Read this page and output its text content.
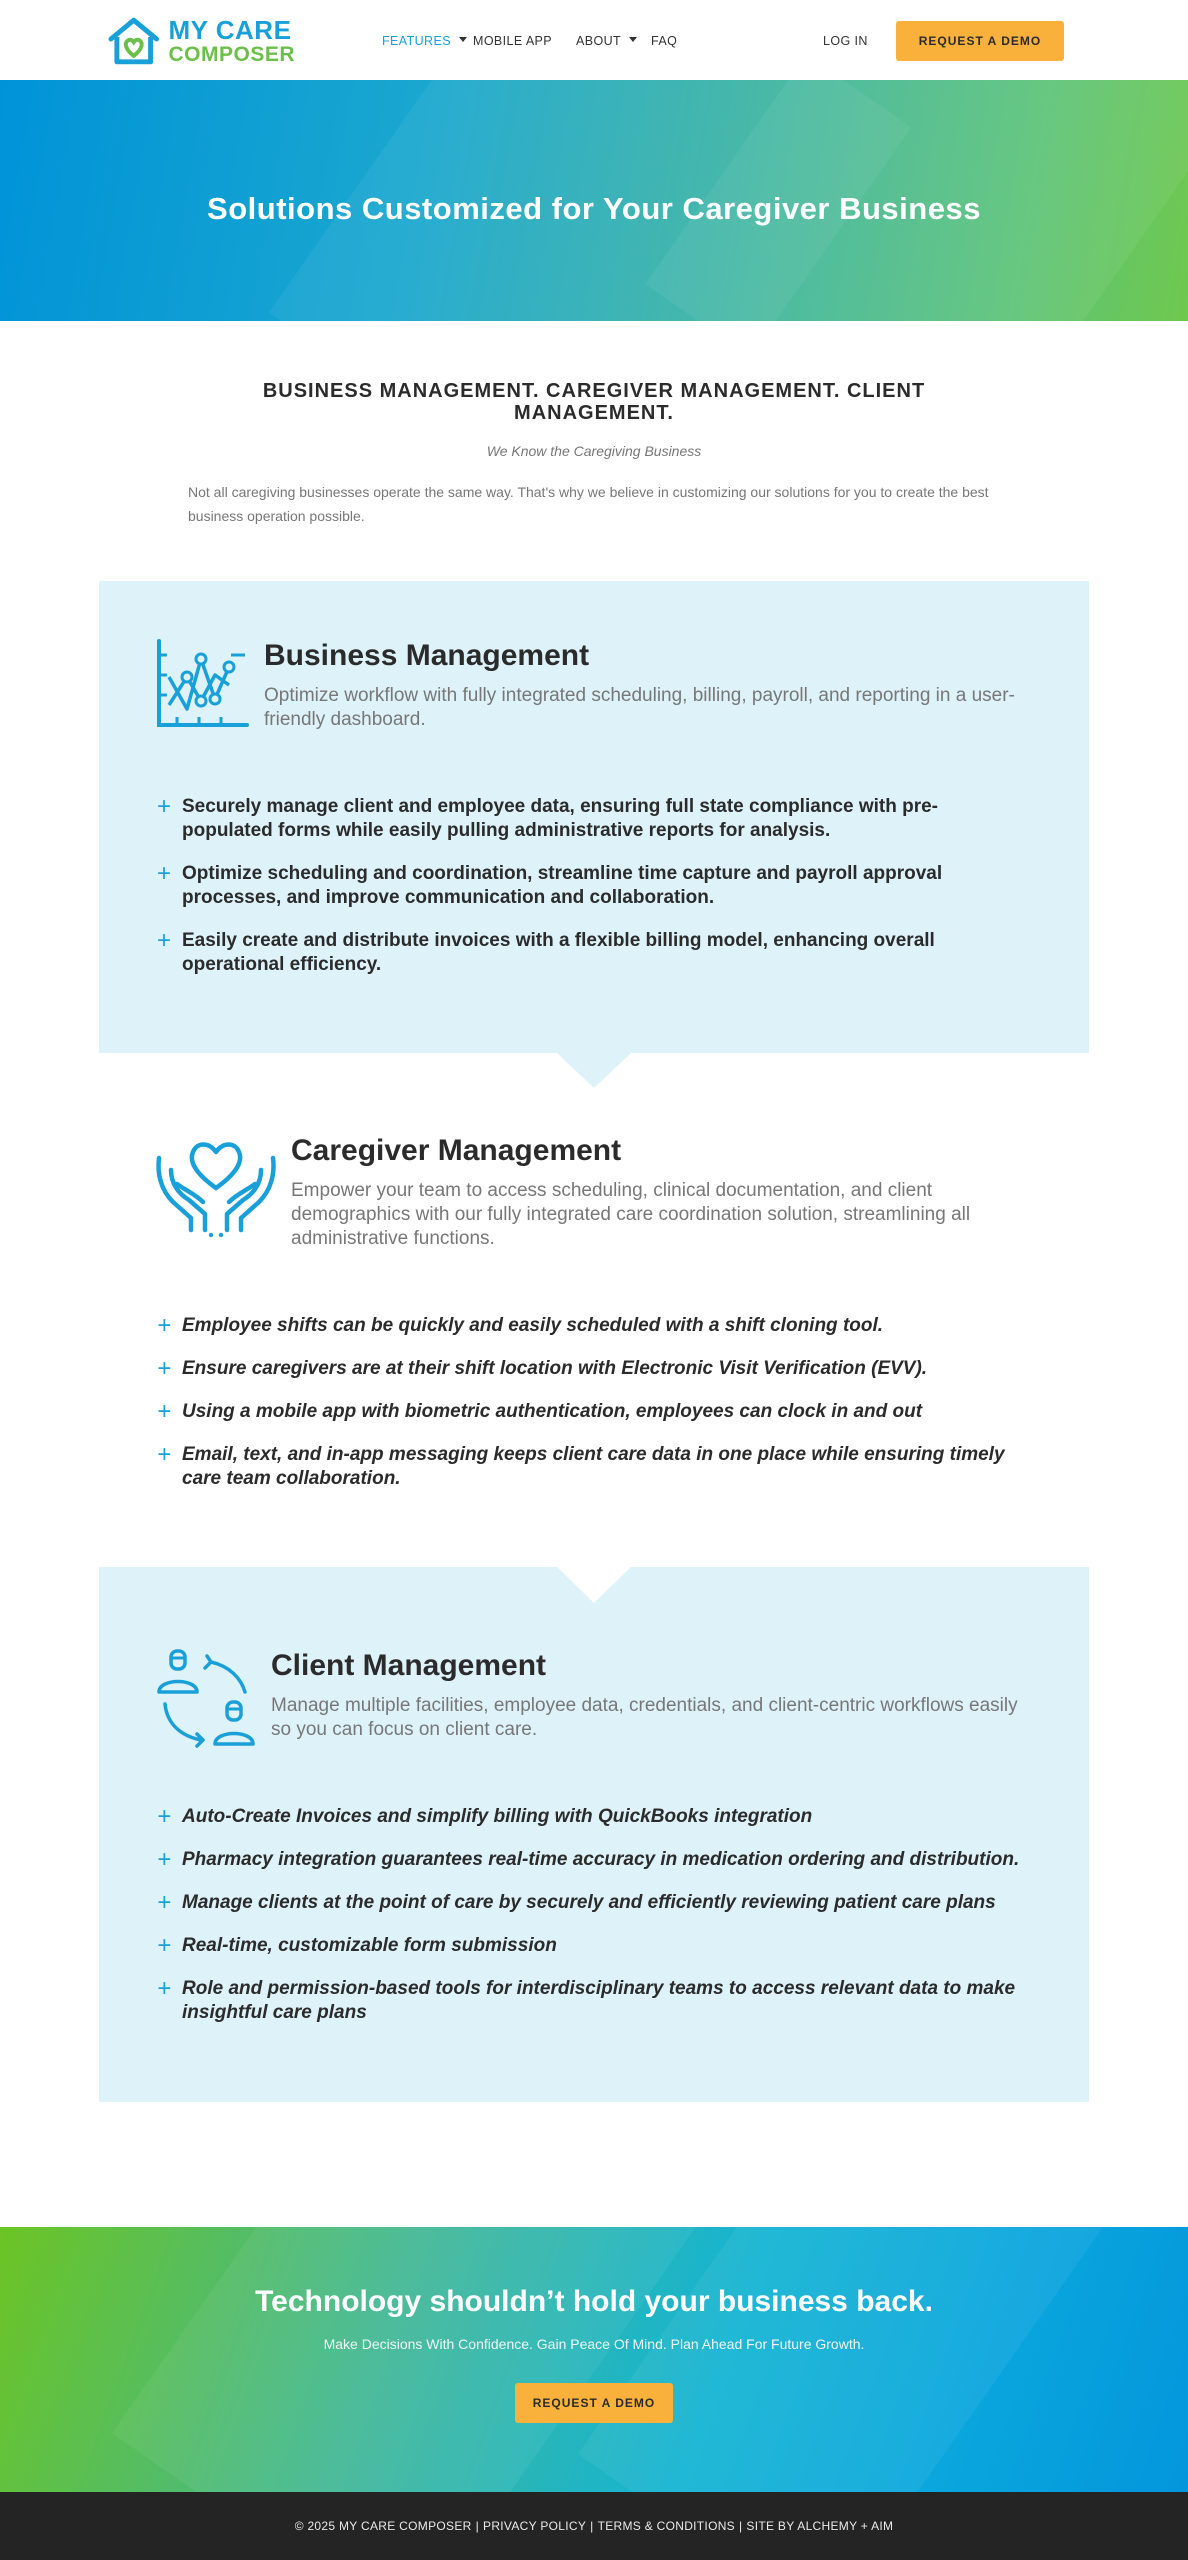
MY CARE
COMPOSER
FEATURES	MOBILE APP ABOUT	FAQ	LOG IN	REQUEST A DEMO
Solutions Customized for Your Caregiver Business
BUSINESS MANAGEMENT. CAREGIVER MANAGEMENT. CLIENT MANAGEMENT.
We Know the Caregiving Business
Not all caregiving businesses operate the same way. That's why we believe in customizing our solutions for you to create the best business operation possible.
Business Management
Optimize workflow with fully integrated scheduling, billing, payroll, and reporting in a user-friendly dashboard.
+ Securely manage client and employee data, ensuring full state compliance with pre-populated forms while easily pulling administrative reports for analysis.
+ Optimize scheduling and coordination, streamline time capture and payroll approval processes, and improve communication and collaboration.
+ Easily create and distribute invoices with a flexible billing model, enhancing overall operational efficiency.
Caregiver Management
Empower your team to access scheduling, clinical documentation, and client demographics with our fully integrated care coordination solution, streamlining all administrative functions.
+ Employee shifts can be quickly and easily scheduled with a shift cloning tool.
+ Ensure caregivers are at their shift location with Electronic Visit Verification (EVV).
+ Using a mobile app with biometric authentication, employees can clock in and out
+ Email, text, and in-app messaging keeps client care data in one place while ensuring timely care team collaboration.
Client Management
Manage multiple facilities, employee data, credentials, and client-centric workflows easily so you can focus on client care.
+ Auto-Create Invoices and simplify billing with QuickBooks integration
+ Pharmacy integration guarantees real-time accuracy in medication ordering and distribution.
+ Manage clients at the point of care by securely and efficiently reviewing patient care plans
+ Real-time, customizable form submission
+ Role and permission-based tools for interdisciplinary teams to access relevant data to make insightful care plans
Technology shouldn’t hold your business back.
Make Decisions With Confidence. Gain Peace Of Mind. Plan Ahead For Future Growth.
REQUEST A DEMO
© 2025 MY CARE COMPOSER | PRIVACY POLICY | TERMS & CONDITIONS | SITE BY ALCHEMY + AIM
